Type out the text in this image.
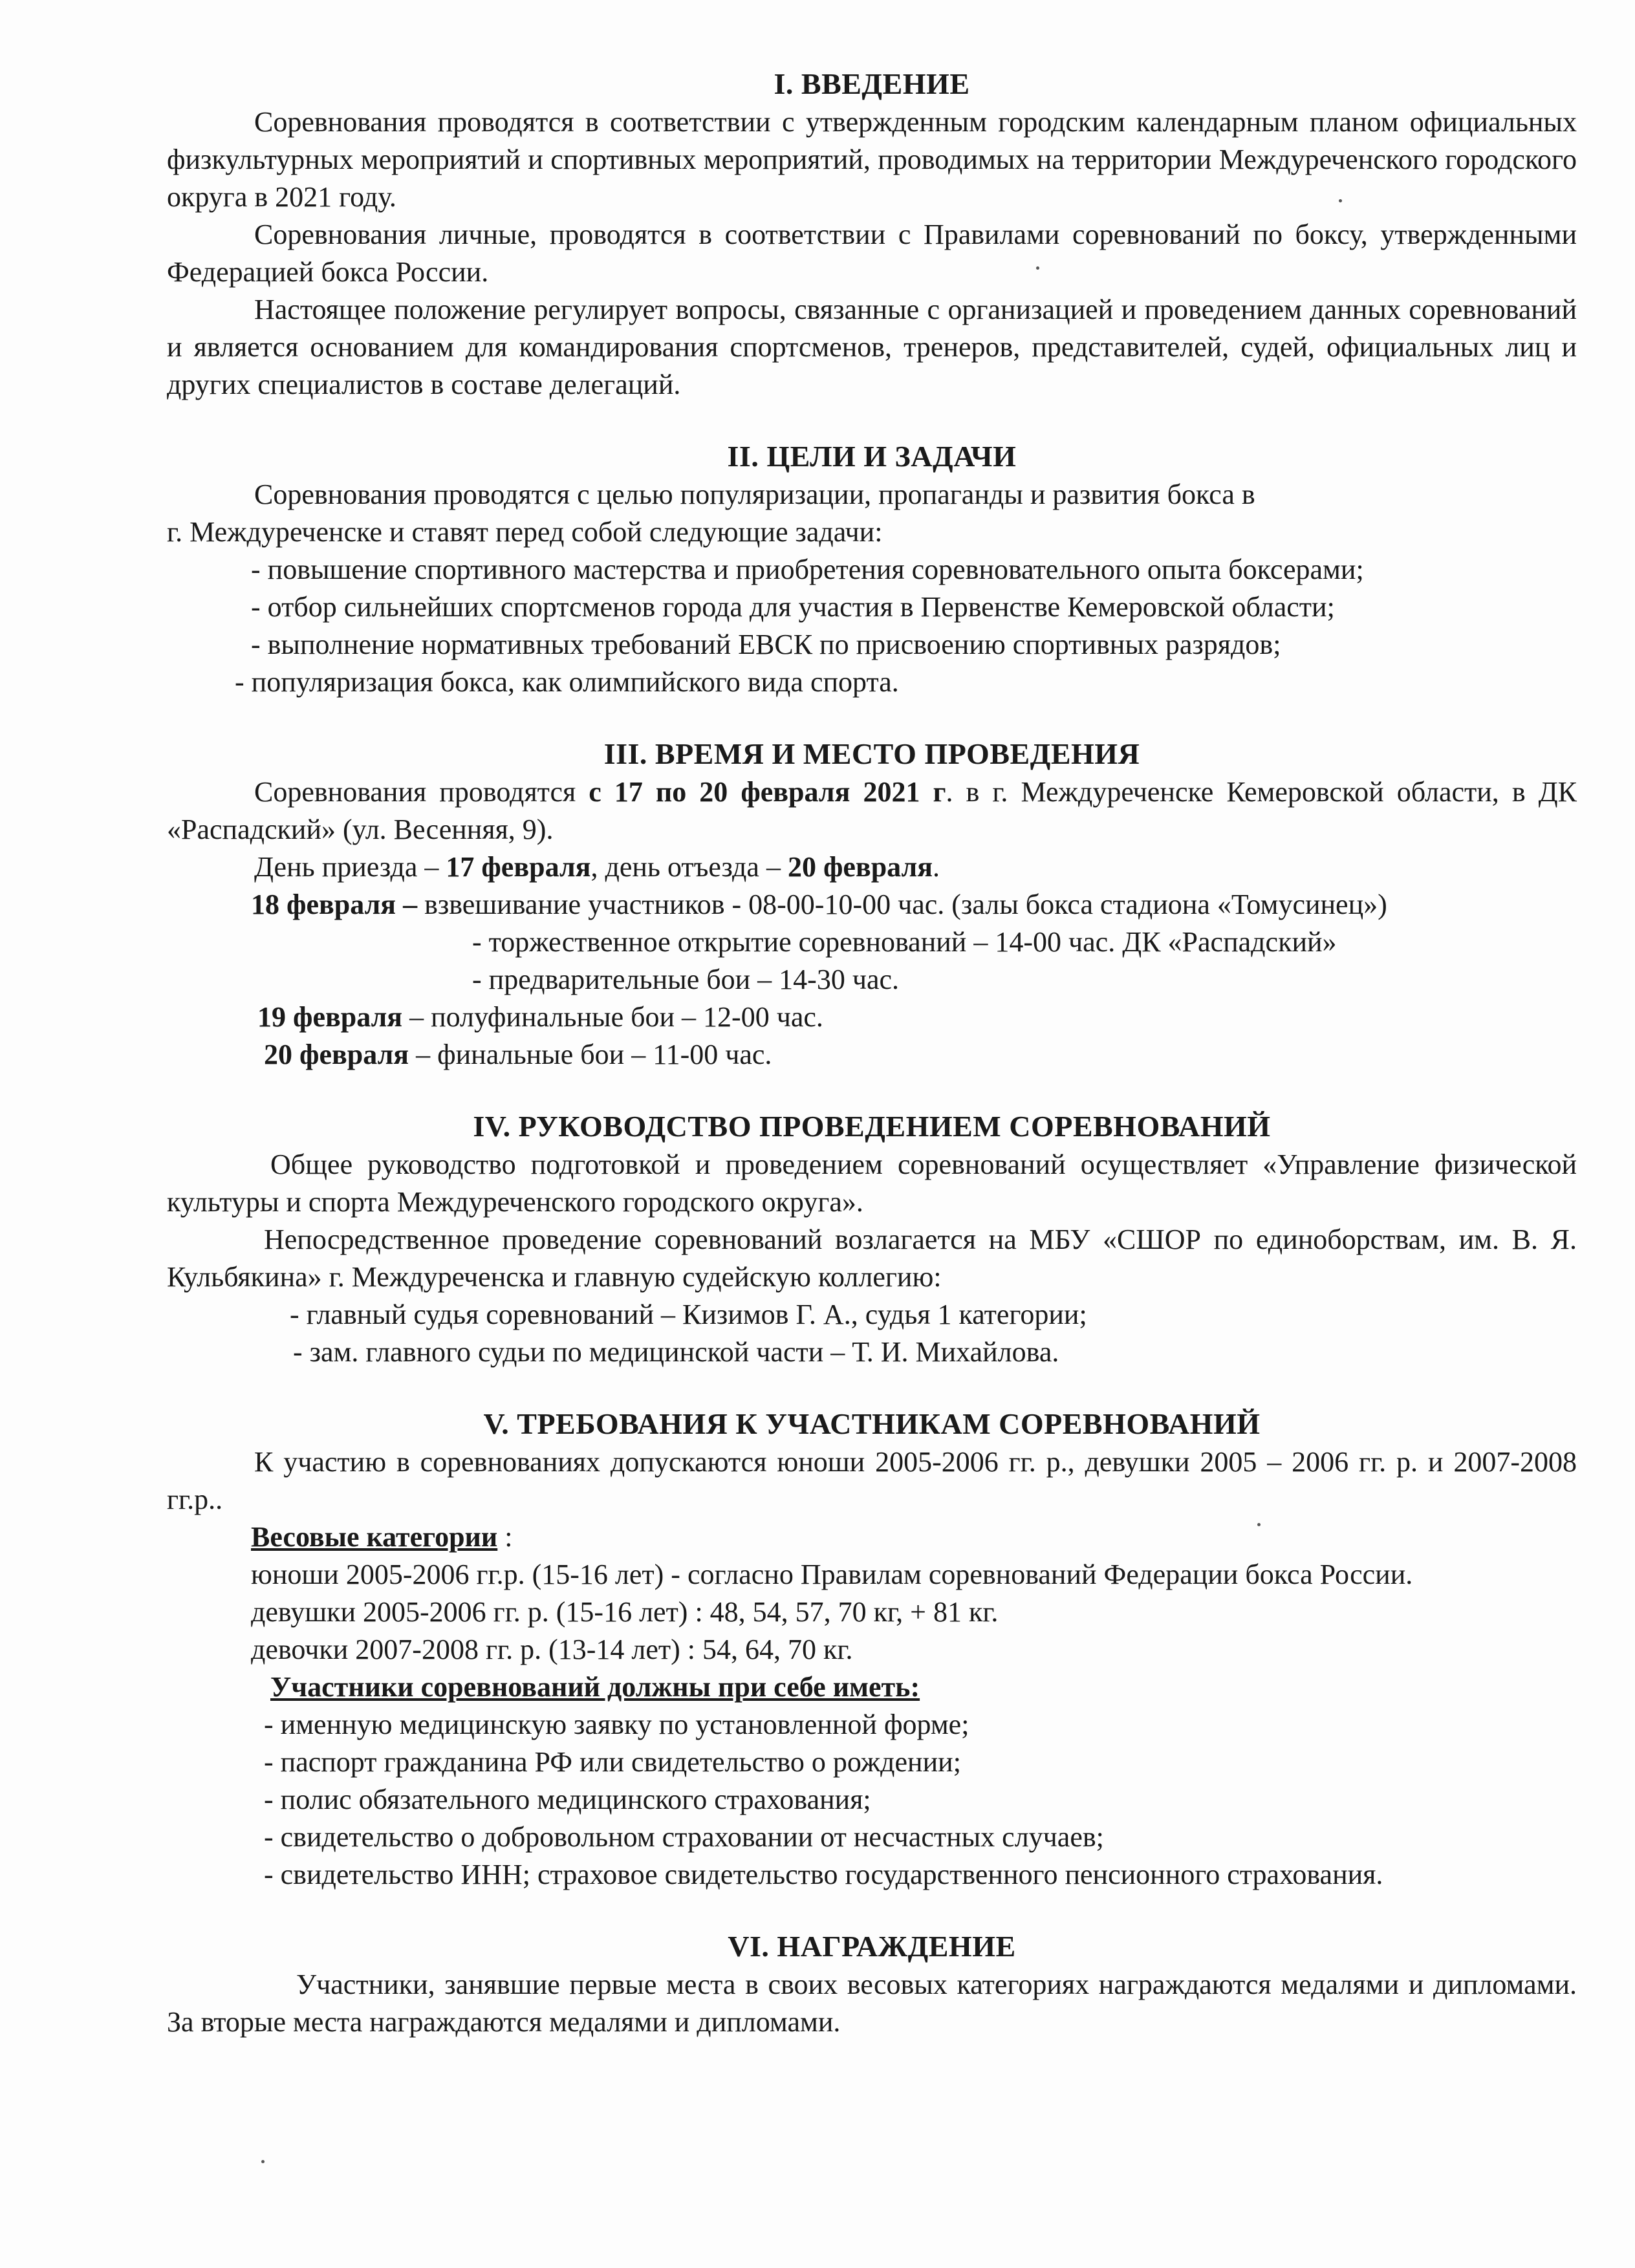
I. ВВЕДЕНИЕ

Соревнования проводятся в соответствии с утвержденным городским календарным планом официальных физкультурных мероприятий и спортивных мероприятий, проводимых на территории Междуреченского городского округа в 2021 году.

Соревнования личные, проводятся в соответствии с Правилами соревнований по боксу, утвержденными Федерацией бокса России.

Настоящее положение регулирует вопросы, связанные с организацией и проведением данных соревнований и является основанием для командирования спортсменов, тренеров, представителей, судей, официальных лиц и других специалистов в составе делегаций.

II. ЦЕЛИ И ЗАДАЧИ

Соревнования проводятся с целью популяризации, пропаганды и развития бокса в

г. Междуреченске и ставят перед собой следующие задачи:

- повышение спортивного мастерства и приобретения соревновательного опыта боксерами;

- отбор сильнейших спортсменов города для участия в Первенстве Кемеровской области;

- выполнение нормативных требований ЕВСК по присвоению спортивных разрядов;

- популяризация бокса, как олимпийского вида спорта.

III. ВРЕМЯ И МЕСТО ПРОВЕДЕНИЯ

Соревнования проводятся с 17 по 20 февраля 2021 г. в г. Междуреченске Кемеровской области, в ДК «Распадский» (ул. Весенняя, 9).

День приезда – 17 февраля, день отъезда – 20 февраля.

18 февраля – взвешивание участников - 08-00-10-00 час. (залы бокса стадиона «Томусинец»)

- торжественное открытие соревнований – 14-00 час. ДК «Распадский»

- предварительные бои – 14-30 час.

19 февраля – полуфинальные бои – 12-00 час.

20 февраля – финальные бои – 11-00 час.

IV. РУКОВОДСТВО ПРОВЕДЕНИЕМ СОРЕВНОВАНИЙ

Общее руководство подготовкой и проведением соревнований осуществляет «Управление физической культуры и спорта Междуреченского городского округа».

Непосредственное проведение соревнований возлагается на МБУ «СШОР по единоборствам, им. В. Я. Кульбякина» г. Междуреченска и главную судейскую коллегию:

- главный судья соревнований – Кизимов Г. А., судья 1 категории;

- зам. главного судьи по медицинской части – Т. И. Михайлова.

V. ТРЕБОВАНИЯ К УЧАСТНИКАМ СОРЕВНОВАНИЙ

К участию в соревнованиях допускаются юноши 2005-2006 гг. р., девушки 2005 – 2006 гг. р. и 2007-2008 гг.р..

Весовые категории :

юноши 2005-2006 гг.р. (15-16 лет) - согласно Правилам соревнований Федерации бокса России.

девушки 2005-2006 гг. р. (15-16 лет) : 48, 54, 57, 70 кг, + 81 кг.

девочки 2007-2008 гг. р. (13-14 лет) : 54, 64, 70 кг.

Участники соревнований должны при себе иметь:

- именную медицинскую заявку по установленной форме;

- паспорт гражданина РФ или свидетельство о рождении;

- полис обязательного медицинского страхования;

- свидетельство о добровольном страховании от несчастных случаев;

- свидетельство ИНН; страховое свидетельство государственного пенсионного страхования.

VI. НАГРАЖДЕНИЕ

Участники, занявшие первые места в своих весовых категориях награждаются медалями и дипломами. За вторые места награждаются медалями и дипломами.
